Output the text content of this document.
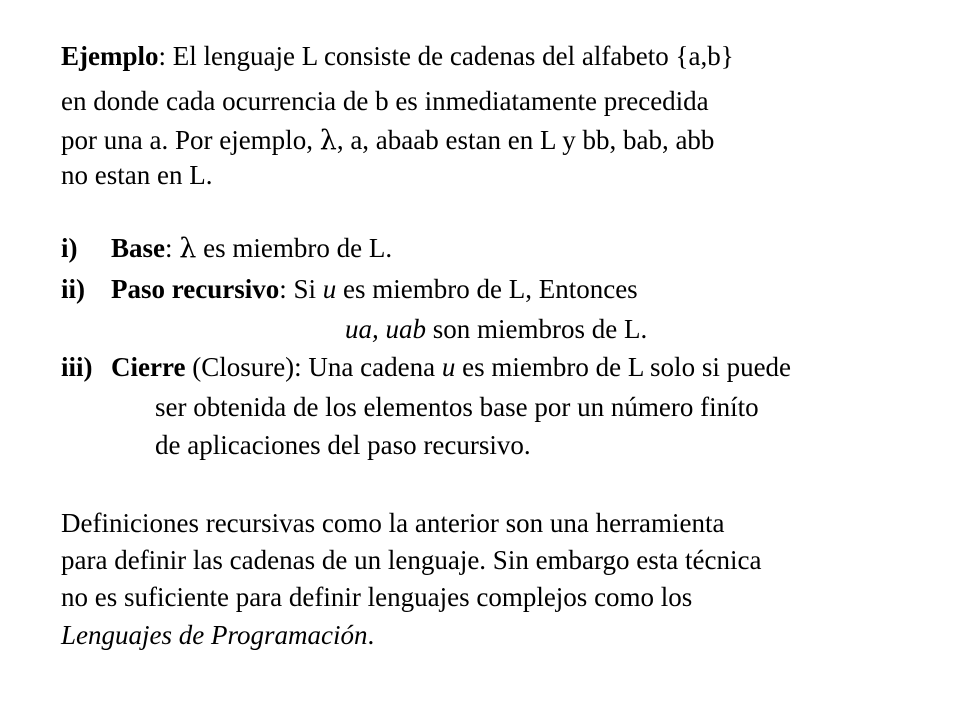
Ejemplo: El lenguaje L consiste de cadenas del alfabeto {a,b}
en donde cada ocurrencia de b es inmediatamente precedida
por una a. Por ejemplo, λ, a, abaab estan en L y bb, bab, abb
no estan en L.
i) Base: λ es miembro de L.
ii) Paso recursivo: Si u es miembro de L, Entonces
ua, uab son miembros de L.
iii) Cierre (Closure): Una cadena u es miembro de L solo si puede
ser obtenida de los elementos base por un número finíto
de aplicaciones del paso recursivo.
Definiciones recursivas como la anterior son una herramienta
para definir las cadenas de un lenguaje. Sin embargo esta técnica
no es suficiente para definir lenguajes complejos como los
Lenguajes de Programación.
